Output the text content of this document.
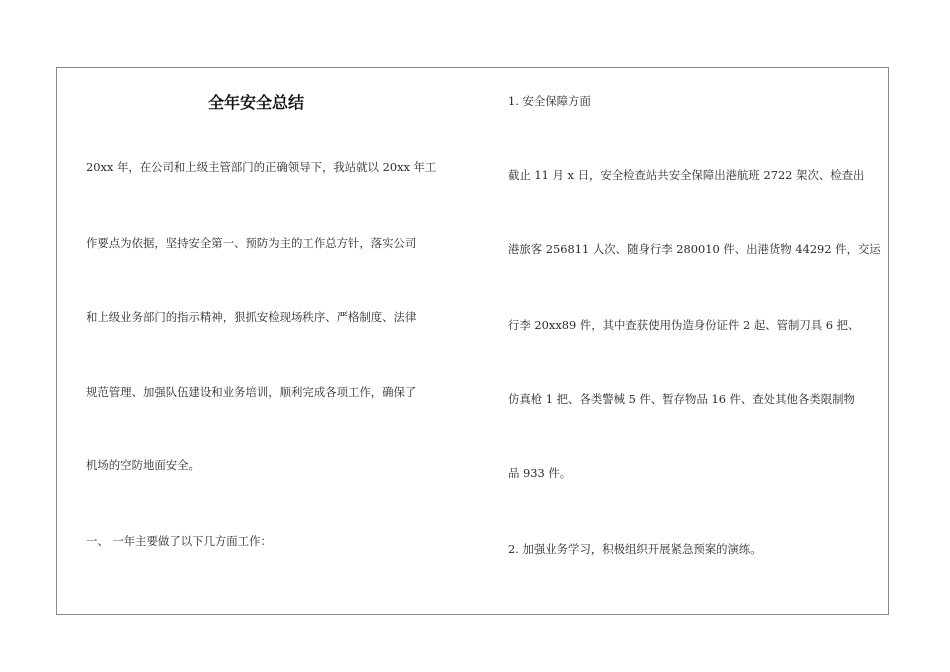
全年安全总结
20xx 年，在公司和上级主管部门的正确领导下，我站就以 20xx 年工
作要点为依据，坚持安全第一、预防为主的工作总方针，落实公司
和上级业务部门的指示精神，狠抓安检现场秩序、严格制度、法律
规范管理、加强队伍建设和业务培训，顺利完成各项工作，确保了
机场的空防地面安全。
一、 一年主要做了以下几方面工作：
1. 安全保障方面
截止 11 月 x 日，安全检查站共安全保障出港航班 2722 架次、检查出
港旅客 256811 人次、随身行李 280010 件、出港货物 44292 件，交运
行李 20xx89 件，其中查获使用伪造身份证件 2 起、管制刀具 6 把、
仿真枪 1 把、各类警械 5 件、暂存物品 16 件、查处其他各类限制物
品 933 件。
2. 加强业务学习，积极组织开展紧急预案的演练。
